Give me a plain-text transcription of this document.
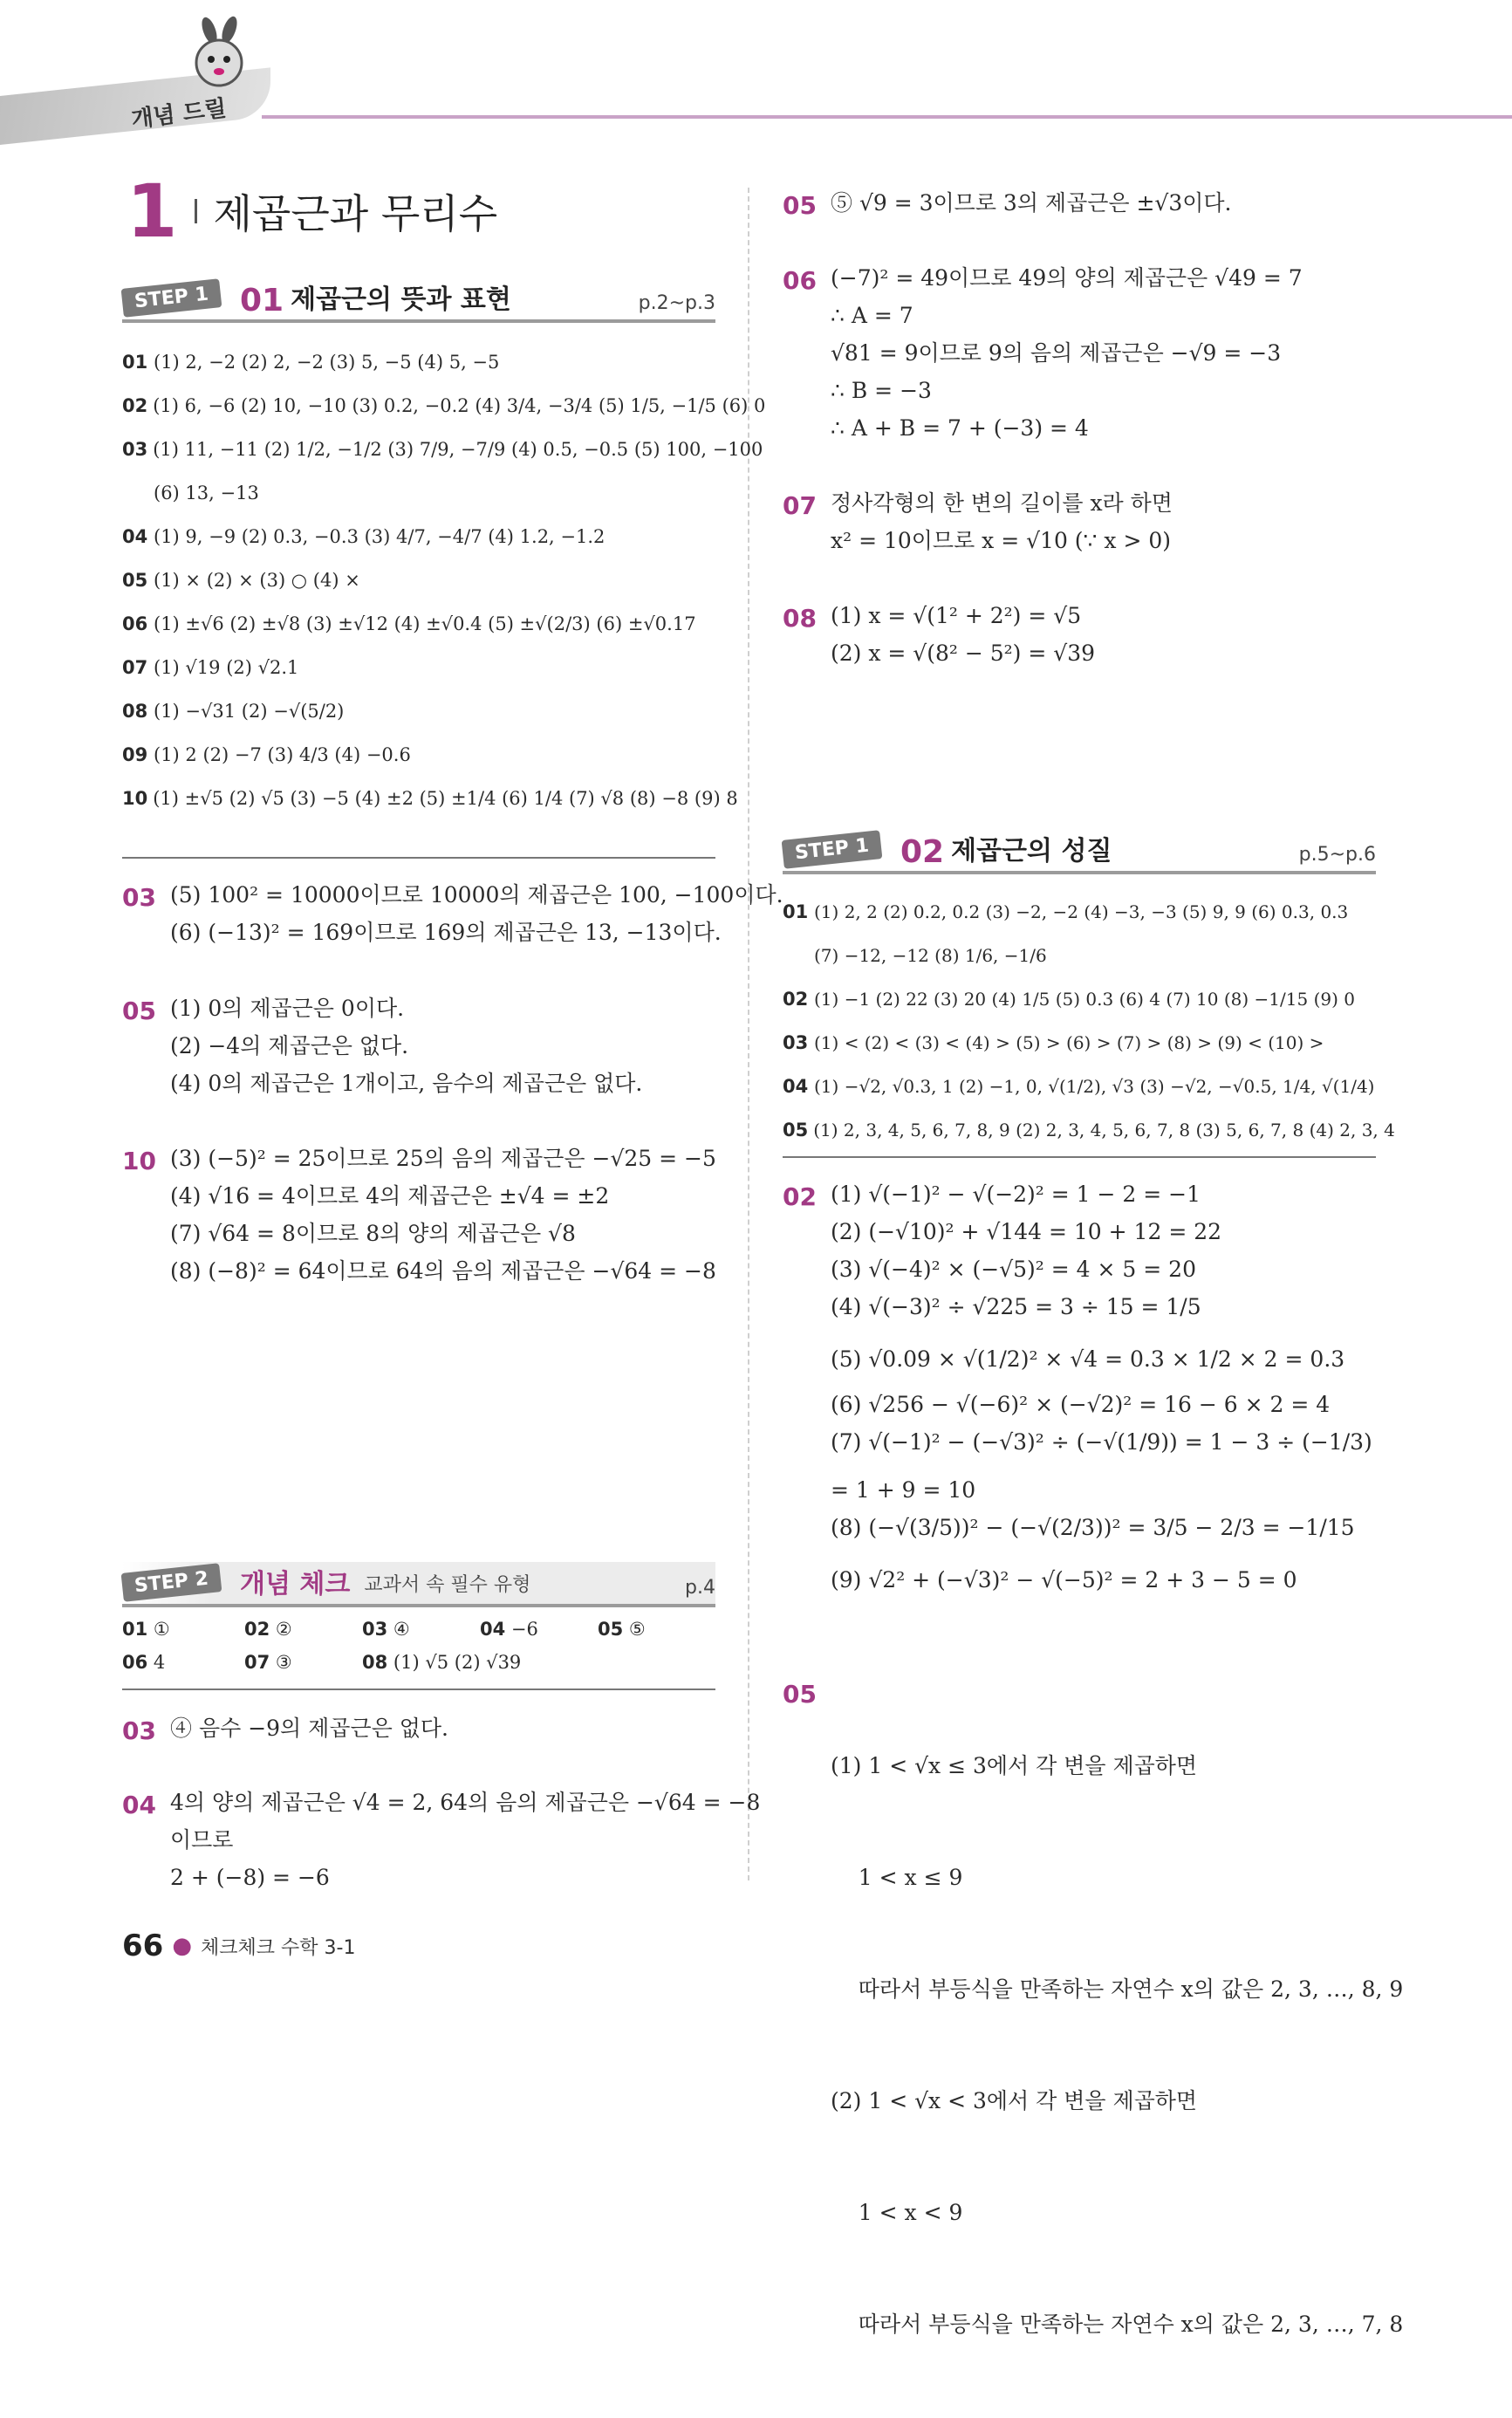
개념 드릴
1 제곱근과 무리수
STEP 1 01 제곱근의 뜻과 표현	p.2~p.3
01 (1) 2, −2 (2) 2, −2 (3) 5, −5 (4) 5, −5
02 (1) 6, −6 (2) 10, −10 (3) 0.2, −0.2 (4) 3/4, −3/4 (5) 1/5, −1/5 (6) 0
03 (1) 11, −11 (2) 1/2, −1/2 (3) 7/9, −7/9 (4) 0.5, −0.5 (5) 100, −100
(6) 13, −13
04 (1) 9, −9 (2) 0.3, −0.3 (3) 4/7, −4/7 (4) 1.2, −1.2
05 (1) × (2) × (3) ○ (4) ×
06 (1) ±√6 (2) ±√8 (3) ±√12 (4) ±√0.4 (5) ±√(2/3) (6) ±√0.17
07 (1) √19 (2) √2.1
08 (1) −√31 (2) −√(5/2)
09 (1) 2 (2) −7 (3) 4/3 (4) −0.6
10 (1) ±√5 (2) √5 (3) −5 (4) ±2 (5) ±1/4 (6) 1/4 (7) √8 (8) −8 (9) 8
03 (5) 100² = 10000이므로 10000의 제곱근은 100, −100이다.
(6) (−13)² = 169이므로 169의 제곱근은 13, −13이다.
05 (1) 0의 제곱근은 0이다.
(2) −4의 제곱근은 없다.
(4) 0의 제곱근은 1개이고, 음수의 제곱근은 없다.
10 (3) (−5)² = 25이므로 25의 음의 제곱근은 −√25 = −5
(4) √16 = 4이므로 4의 제곱근은 ±√4 = ±2
(7) √64 = 8이므로 8의 양의 제곱근은 √8
(8) (−8)² = 64이므로 64의 음의 제곱근은 −√64 = −8
STEP 2	개념 체크 교과서 속 필수 유형	p.4
01 ①	02 ②	03 ④	04 −6	05 ⑤
06 4	07 ③	08 (1) √5 (2) √39
03 ④ 음수 −9의 제곱근은 없다.
04 4의 양의 제곱근은 √4 = 2, 64의 음의 제곱근은 −√64 = −8
이므로
2 + (−8) = −6
05 ⑤ √9 = 3이므로 3의 제곱근은 ±√3이다.
06 (−7)² = 49이므로 49의 양의 제곱근은 √49 = 7
∴ A = 7
√81 = 9이므로 9의 음의 제곱근은 −√9 = −3
∴ B = −3
∴ A + B = 7 + (−3) = 4
07 정사각형의 한 변의 길이를 x라 하면
x² = 10이므로 x = √10 (∵ x > 0)
08 (1) x = √(1² + 2²) = √5
(2) x = √(8² − 5²) = √39
STEP 1 02 제곱근의 성질	p.5~p.6
01 (1) 2, 2 (2) 0.2, 0.2 (3) −2, −2 (4) −3, −3 (5) 9, 9 (6) 0.3, 0.3
(7) −12, −12 (8) 1/6, −1/6
02 (1) −1 (2) 22 (3) 20 (4) 1/5 (5) 0.3 (6) 4 (7) 10 (8) −1/15 (9) 0
03 (1) < (2) < (3) < (4) > (5) > (6) > (7) > (8) > (9) < (10) >
04 (1) −√2, √0.3, 1 (2) −1, 0, √(1/2), √3 (3) −√2, −√0.5, 1/4, √(1/4)
05 (1) 2, 3, 4, 5, 6, 7, 8, 9 (2) 2, 3, 4, 5, 6, 7, 8 (3) 5, 6, 7, 8 (4) 2, 3, 4
02 (1) √(−1)² − √(−2)² = 1 − 2 = −1
(2) (−√10)² + √144 = 10 + 12 = 22
(3) √(−4)² × (−√5)² = 4 × 5 = 20
(4) √(−3)² ÷ √225 = 3 ÷ 15 = 1/5
(5) √0.09 × √(1/2)² × √4 = 0.3 × 1/2 × 2 = 0.3
(6) √256 − √(−6)² × (−√2)² = 16 − 6 × 2 = 4
(7) √(−1)² − (−√3)² ÷ (−√(1/9)) = 1 − 3 ÷ (−1/3)
= 1 + 9 = 10
(8) (−√(3/5))² − (−√(2/3))² = 3/5 − 2/3 = −1/15
(9) √2² + (−√3)² − √(−5)² = 2 + 3 − 5 = 0
05

(1) 1 < √x ≤ 3에서 각 변을 제곱하면

1 < x ≤ 9

따라서 부등식을 만족하는 자연수 x의 값은 2, 3, …, 8, 9

(2) 1 < √x < 3에서 각 변을 제곱하면

1 < x < 9

따라서 부등식을 만족하는 자연수 x의 값은 2, 3, …, 7, 8

66 ● 체크체크 수학 3-1
